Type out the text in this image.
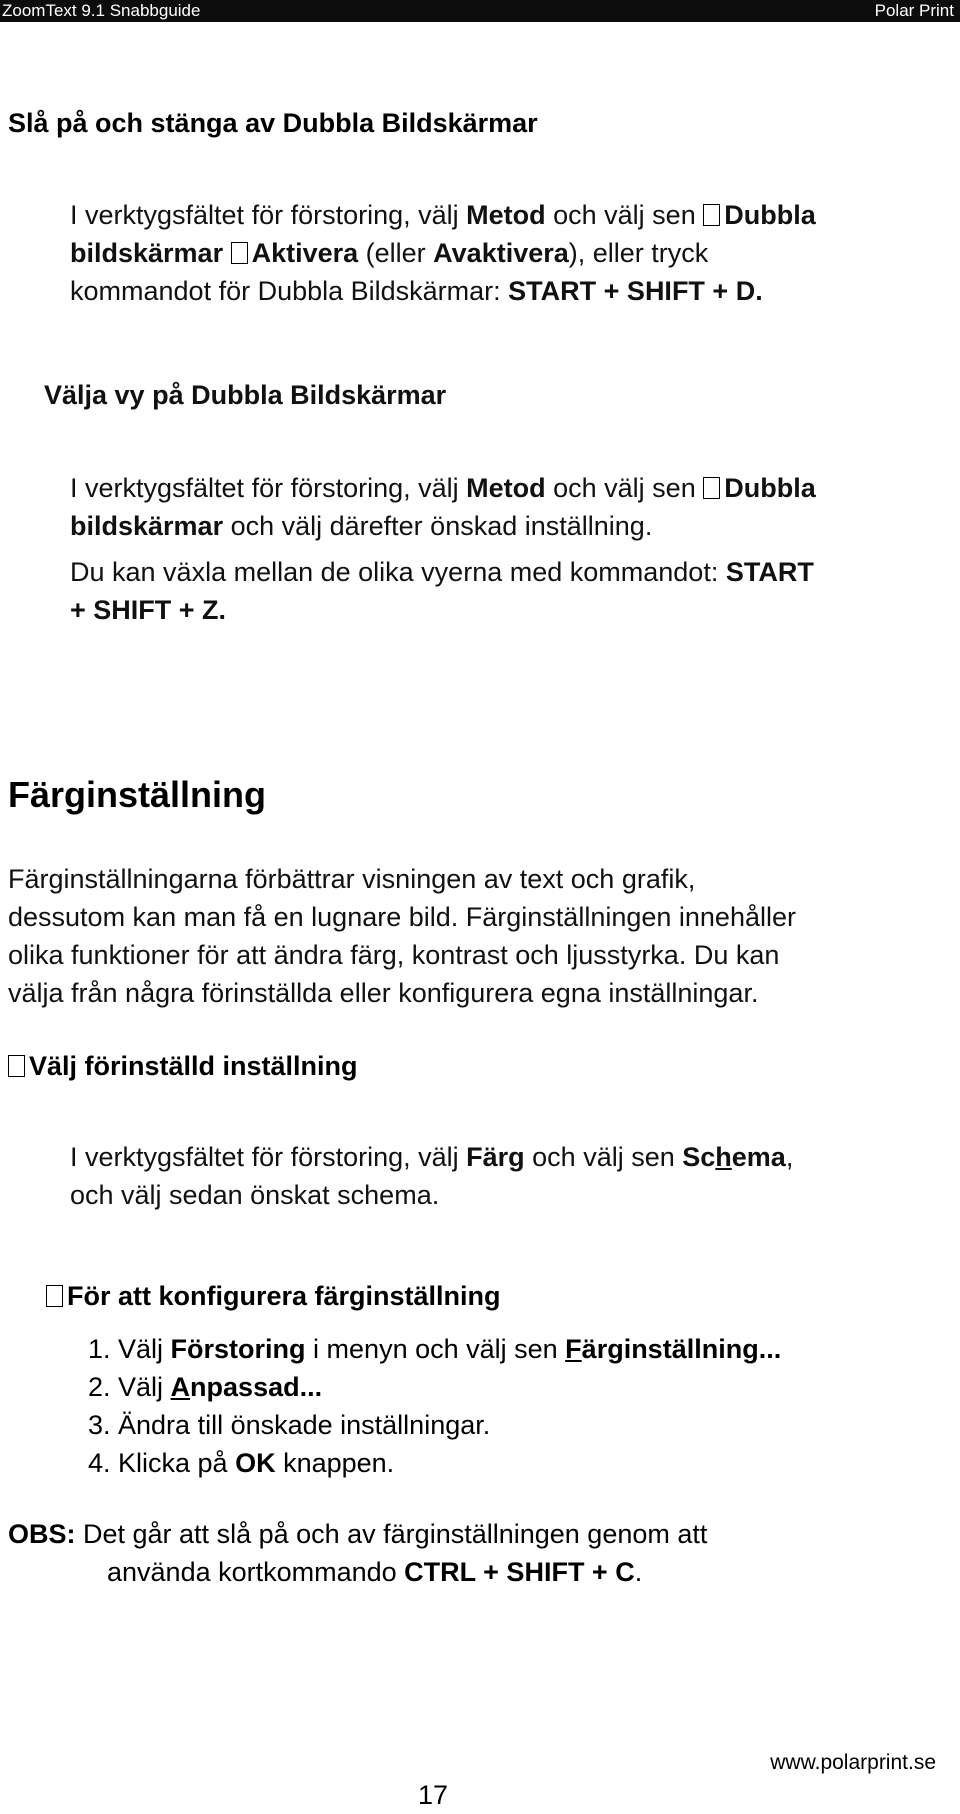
ZoomText 9.1 Snabbguide	Polar Print
Slå på och stänga av Dubbla Bildskärmar
I verktygsfältet för förstoring, välj Metod och välj sen Dubbla
bildskärmar Aktivera (eller Avaktivera), eller tryck
kommandot för Dubbla Bildskärmar: START + SHIFT + D.
Välja vy på Dubbla Bildskärmar
I verktygsfältet för förstoring, välj Metod och välj sen Dubbla
bildskärmar och välj därefter önskad inställning.
Du kan växla mellan de olika vyerna med kommandot: START
+ SHIFT + Z.
Färginställning
Färginställningarna förbättrar visningen av text och grafik,
dessutom kan man få en lugnare bild. Färginställningen innehåller
olika funktioner för att ändra färg, kontrast och ljusstyrka. Du kan
välja från några förinställda eller konfigurera egna inställningar.
Välj förinställd inställning
I verktygsfältet för förstoring, välj Färg och välj sen Schema,
och välj sedan önskat schema.
För att konfigurera färginställning
1. Välj Förstoring i menyn och välj sen Färginställning...
2. Välj Anpassad...
3. Ändra till önskade inställningar.
4. Klicka på OK knappen.
OBS: Det går att slå på och av färginställningen genom att
använda kortkommando CTRL + SHIFT + C.
www.polarprint.se
17
